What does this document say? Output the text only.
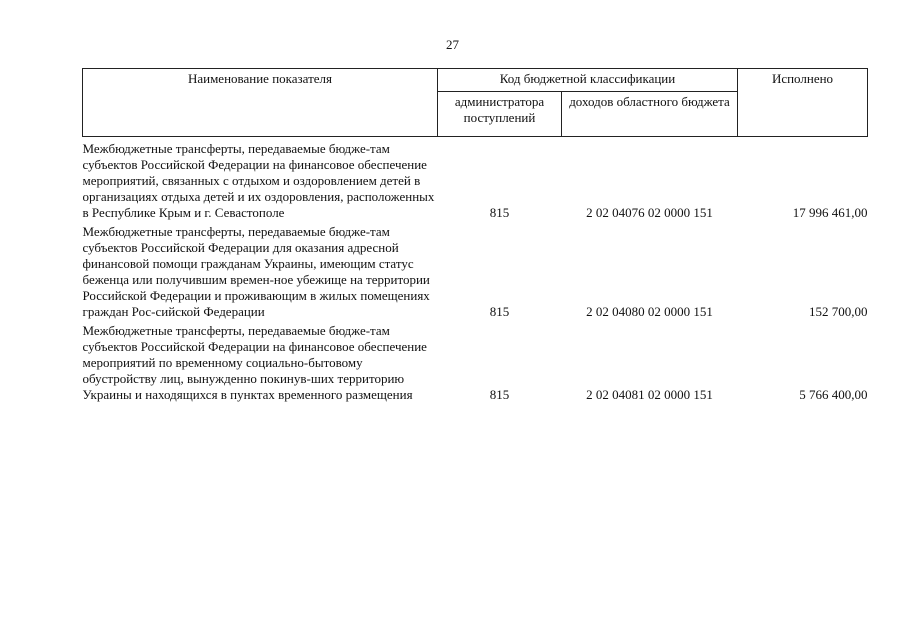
27
Наименование показателя	Код бюджетной классификации		Исполнено
	администратора поступлений	доходов областного бюджета	
Межбюджетные трансферты, передаваемые бюдже-там субъектов Российской Федерации на финансовое обеспечение мероприятий, связанных с отдыхом и оздоровлением детей в организациях отдыха детей и их оздоровления, расположенных в Республике Крым и г. Севастополе	815	2 02 04076 02 0000 151	17 996 461,00
Межбюджетные трансферты, передаваемые бюдже-там субъектов Российской Федерации для оказания адресной финансовой помощи гражданам Украины, имеющим статус беженца или получившим времен-ное убежище на территории Российской Федерации и проживающим в жилых помещениях граждан Рос-сийской Федерации	815	2 02 04080 02 0000 151	152 700,00
Межбюджетные трансферты, передаваемые бюдже-там субъектов Российской Федерации на финансовое обеспечение мероприятий по временному социально-бытовому обустройству лиц, вынужденно покинув-ших территорию Украины и находящихся в пунктах временного размещения	815	2 02 04081 02 0000 151	5 766 400,00
